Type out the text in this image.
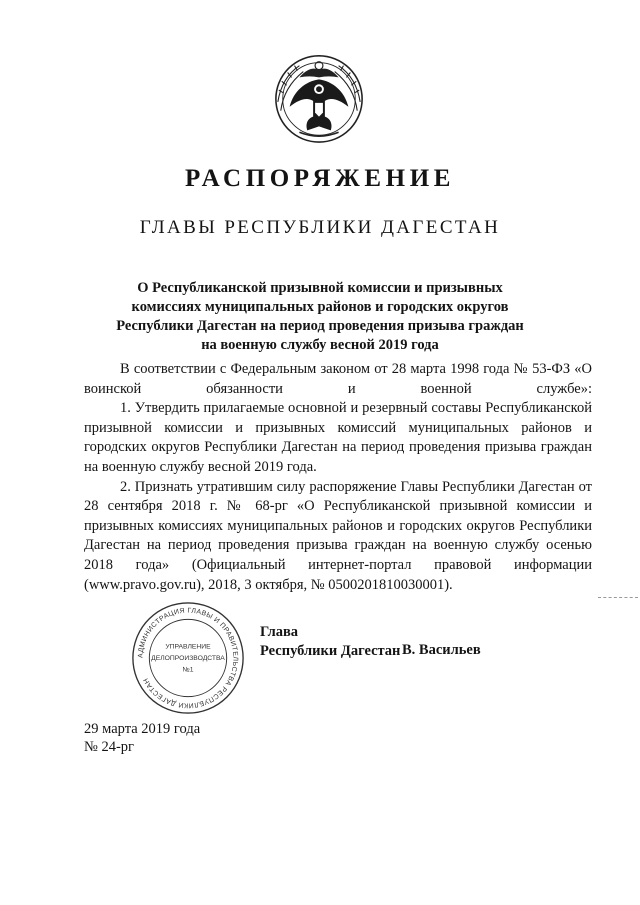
РАСПОРЯЖЕНИЕ
ГЛАВЫ РЕСПУБЛИКИ ДАГЕСТАН
О Республиканской призывной комиссии и призывных
комиссиях муниципальных районов и городских округов
Республики Дагестан на период проведения призыва граждан
на военную службу весной 2019 года

В соответствии с Федеральным законом от 28 марта 1998 года № 53-ФЗ «О воинской обязанности и военной службе»:

1. Утвердить прилагаемые основной и резервный составы Республиканской призывной комиссии и призывных комиссий муниципальных районов и городских округов Республики Дагестан на период проведения призыва граждан на военную службу весной 2019 года.

2. Признать утратившим силу распоряжение Главы Республики Дагестан от 28 сентября 2018 г. № 68-рг «О Республиканской призывной комиссии и призывных комиссиях муниципальных районов и городских округов Республики Дагестан на период проведения призыва граждан на военную службу осенью 2018 года» (Официальный интернет-портал правовой информации (www.pravo.gov.ru), 2018, 3 октября, № 0500201810030001).

АДМИНИСТРАЦИЯ ГЛАВЫ И ПРАВИТЕЛЬСТВА РЕСПУБЛИКИ ДАГЕСТАН
УПРАВЛЕНИЕ
ДЕЛОПРОИЗВОДСТВА
№1
Глава
Республики Дагестан В. Васильев
29 марта 2019 года
№ 24-рг
